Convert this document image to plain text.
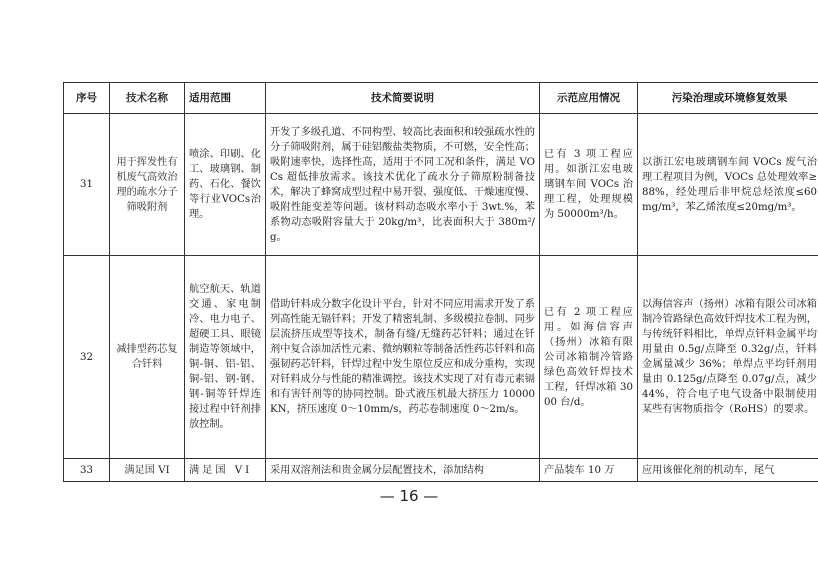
序号	技术名称	适用范围	技术简要说明	示范应用情况	污染治理或环境修复效果
31	用于挥发性有机废气高效治理的疏水分子筛吸附剂	喷涂、印刷、化工、玻璃钢、制药、石化、餐饮等行业VOCs治理。	开发了多级孔道、不同构型、较高比表面积和较强疏水性的分子筛吸附剂，属于硅铝酸盐类物质，不可燃，安全性高；吸附速率快，选择性高，适用于不同工况和条件，满足 VOCs 超低排放需求。该技术优化了疏水分子筛原粉制备技术，解决了蜂窝成型过程中易开裂、强度低、干燥速度慢、吸附性能变差等问题。该材料动态吸水率小于 3wt.%，苯系物动态吸附容量大于 20kg/m³，比表面积大于 380m²/g。	已有 3 项工程应用。如浙江宏电玻璃钢车间 VOCs 治理工程，处理规模为 50000m³/h。	以浙江宏电玻璃钢车间 VOCs 废气治理工程项目为例，VOCs 总处理效率≥88%，经处理后非甲烷总烃浓度≤60mg/m³，苯乙烯浓度≤20mg/m³。
32	减排型药芯复合钎料	航空航天、轨道交通、家电制冷、电力电子、超硬工具、眼镜制造等领域中，铜-铜、铝-铝、铜-铝、钢-钢、钢-铜等钎焊连接过程中钎剂排放控制。	借助钎料成分数字化设计平台，针对不同应用需求开发了系列高性能无镉钎料；开发了精密轧制、多级模拉卷制、同步层流挤压成型等技术，制备有缝/无缝药芯钎料；通过在钎剂中复合添加活性元素、微纳颗粒等制备活性药芯钎料和高强韧药芯钎料，钎焊过程中发生原位反应和成分重构，实现对钎料成分与性能的精准调控。该技术实现了对有毒元素镉和有害钎剂等的协同控制。卧式液压机最大挤压力 10000KN，挤压速度 0～10mm/s，药芯卷制速度 0～2m/s。	已有 2 项工程应用。如海信容声（扬州）冰箱有限公司冰箱制冷管路绿色高效钎焊技术工程，钎焊冰箱 3000 台/d。	以海信容声（扬州）冰箱有限公司冰箱制冷管路绿色高效钎焊技术工程为例，与传统钎料相比，单焊点钎料金属平均用量由 0.5g/点降至 0.32g/点，钎料金属量减少 36%；单焊点平均钎剂用量由 0.125g/点降至 0.07g/点，减少 44%，符合电子电气设备中限制使用某些有害物质指令（RoHS）的要求。
33	满足国 VI	满足国 VI	采用双溶剂法和贵金属分层配置技术，添加结构	产品装车 10 万	应用该催化剂的机动车，尾气
— 16 —
